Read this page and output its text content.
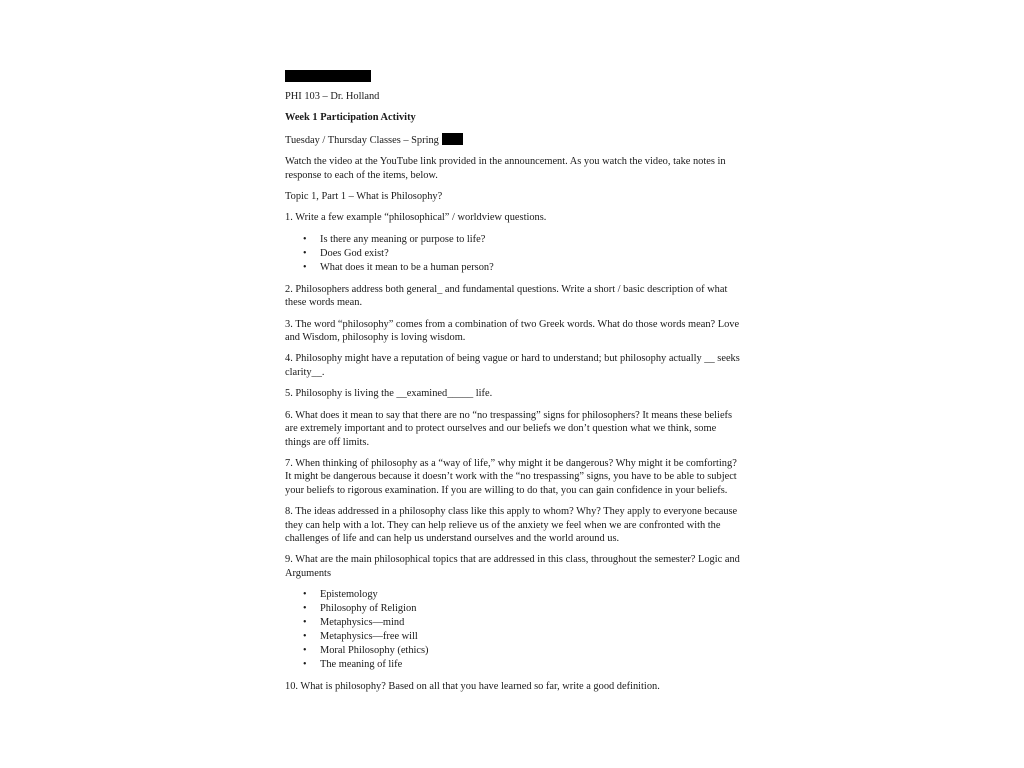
PHI 103 – Dr. Holland

Week 1 Participation Activity

Tuesday / Thursday Classes – Spring

Watch the video at the YouTube link provided in the announcement. As you watch the video, take notes in response to each of the items, below.

Topic 1, Part 1 – What is Philosophy?

1. Write a few example “philosophical” / worldview questions.

• Is there any meaning or purpose to life?
• Does God exist?
• What does it mean to be a human person?

2. Philosophers address both general_ and fundamental questions. Write a short / basic description of what these words mean.

3. The word “philosophy” comes from a combination of two Greek words. What do those words mean? Love and Wisdom, philosophy is loving wisdom.

4. Philosophy might have a reputation of being vague or hard to understand; but philosophy actually __ seeks clarity__.

5. Philosophy is living the __examined_____ life.

6. What does it mean to say that there are no “no trespassing” signs for philosophers? It means these beliefs are extremely important and to protect ourselves and our beliefs we don’t question what we think, some things are off limits.

7. When thinking of philosophy as a “way of life,” why might it be dangerous? Why might it be comforting? It might be dangerous because it doesn’t work with the “no trespassing” signs, you have to be able to subject your beliefs to rigorous examination. If you are willing to do that, you can gain confidence in your beliefs.

8. The ideas addressed in a philosophy class like this apply to whom? Why? They apply to everyone because they can help with a lot. They can help relieve us of the anxiety we feel when we are confronted with the challenges of life and can help us understand ourselves and the world around us.

9. What are the main philosophical topics that are addressed in this class, throughout the semester? Logic and Arguments

• Epistemology
• Philosophy of Religion
• Metaphysics—mind
• Metaphysics—free will
• Moral Philosophy (ethics)
• The meaning of life

10. What is philosophy? Based on all that you have learned so far, write a good definition.
